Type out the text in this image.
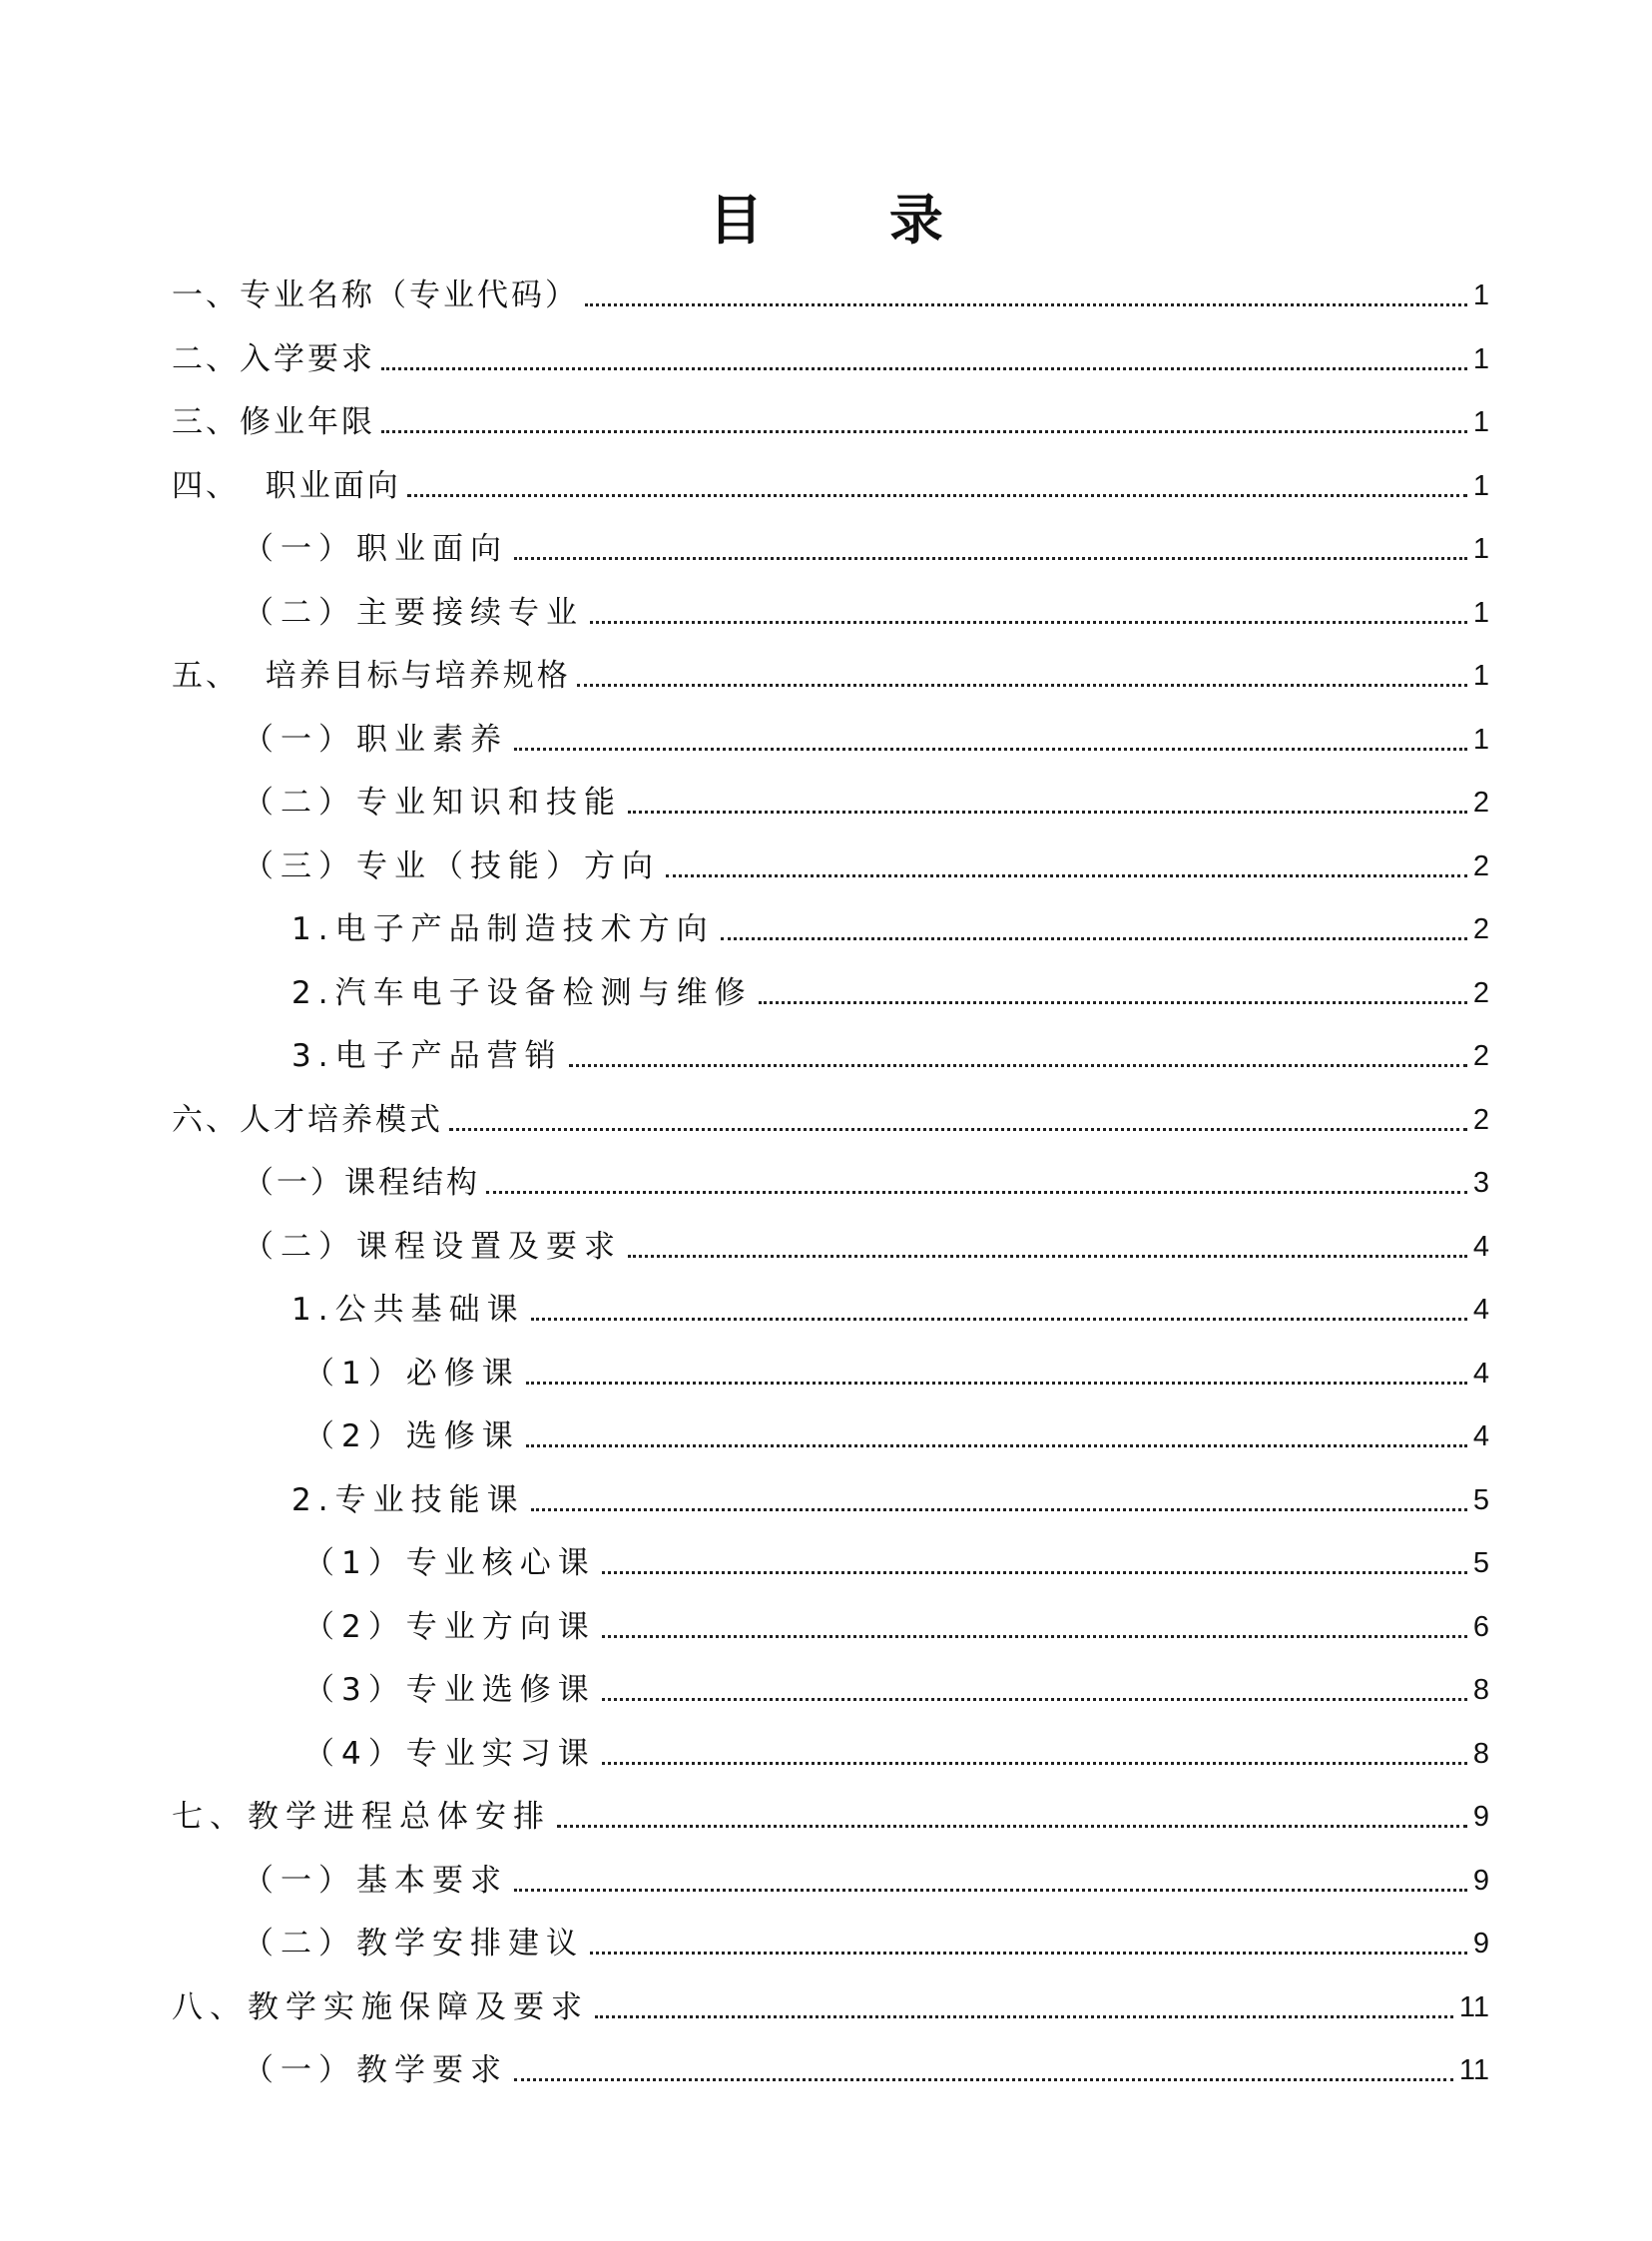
目 录
一、专业名称（专业代码）	1
二、入学要求	1
三、修业年限	1
四、  职业面向	1
（一）职业面向	1
（二）主要接续专业	1
五、  培养目标与培养规格	1
（一）职业素养	1
（二）专业知识和技能	2
（三）专业（技能）方向	2
1.电子产品制造技术方向	2
2.汽车电子设备检测与维修	2
3.电子产品营销	2
六、人才培养模式	2
（一）课程结构	3
（二）课程设置及要求	4
1.公共基础课	4
（1）必修课	4
（2）选修课	4
2.专业技能课	5
（1）专业核心课	5
（2）专业方向课	6
（3）专业选修课	8
（4）专业实习课	8
七、教学进程总体安排	9
（一）基本要求	9
（二）教学安排建议	9
八、教学实施保障及要求	11
（一）教学要求	11
